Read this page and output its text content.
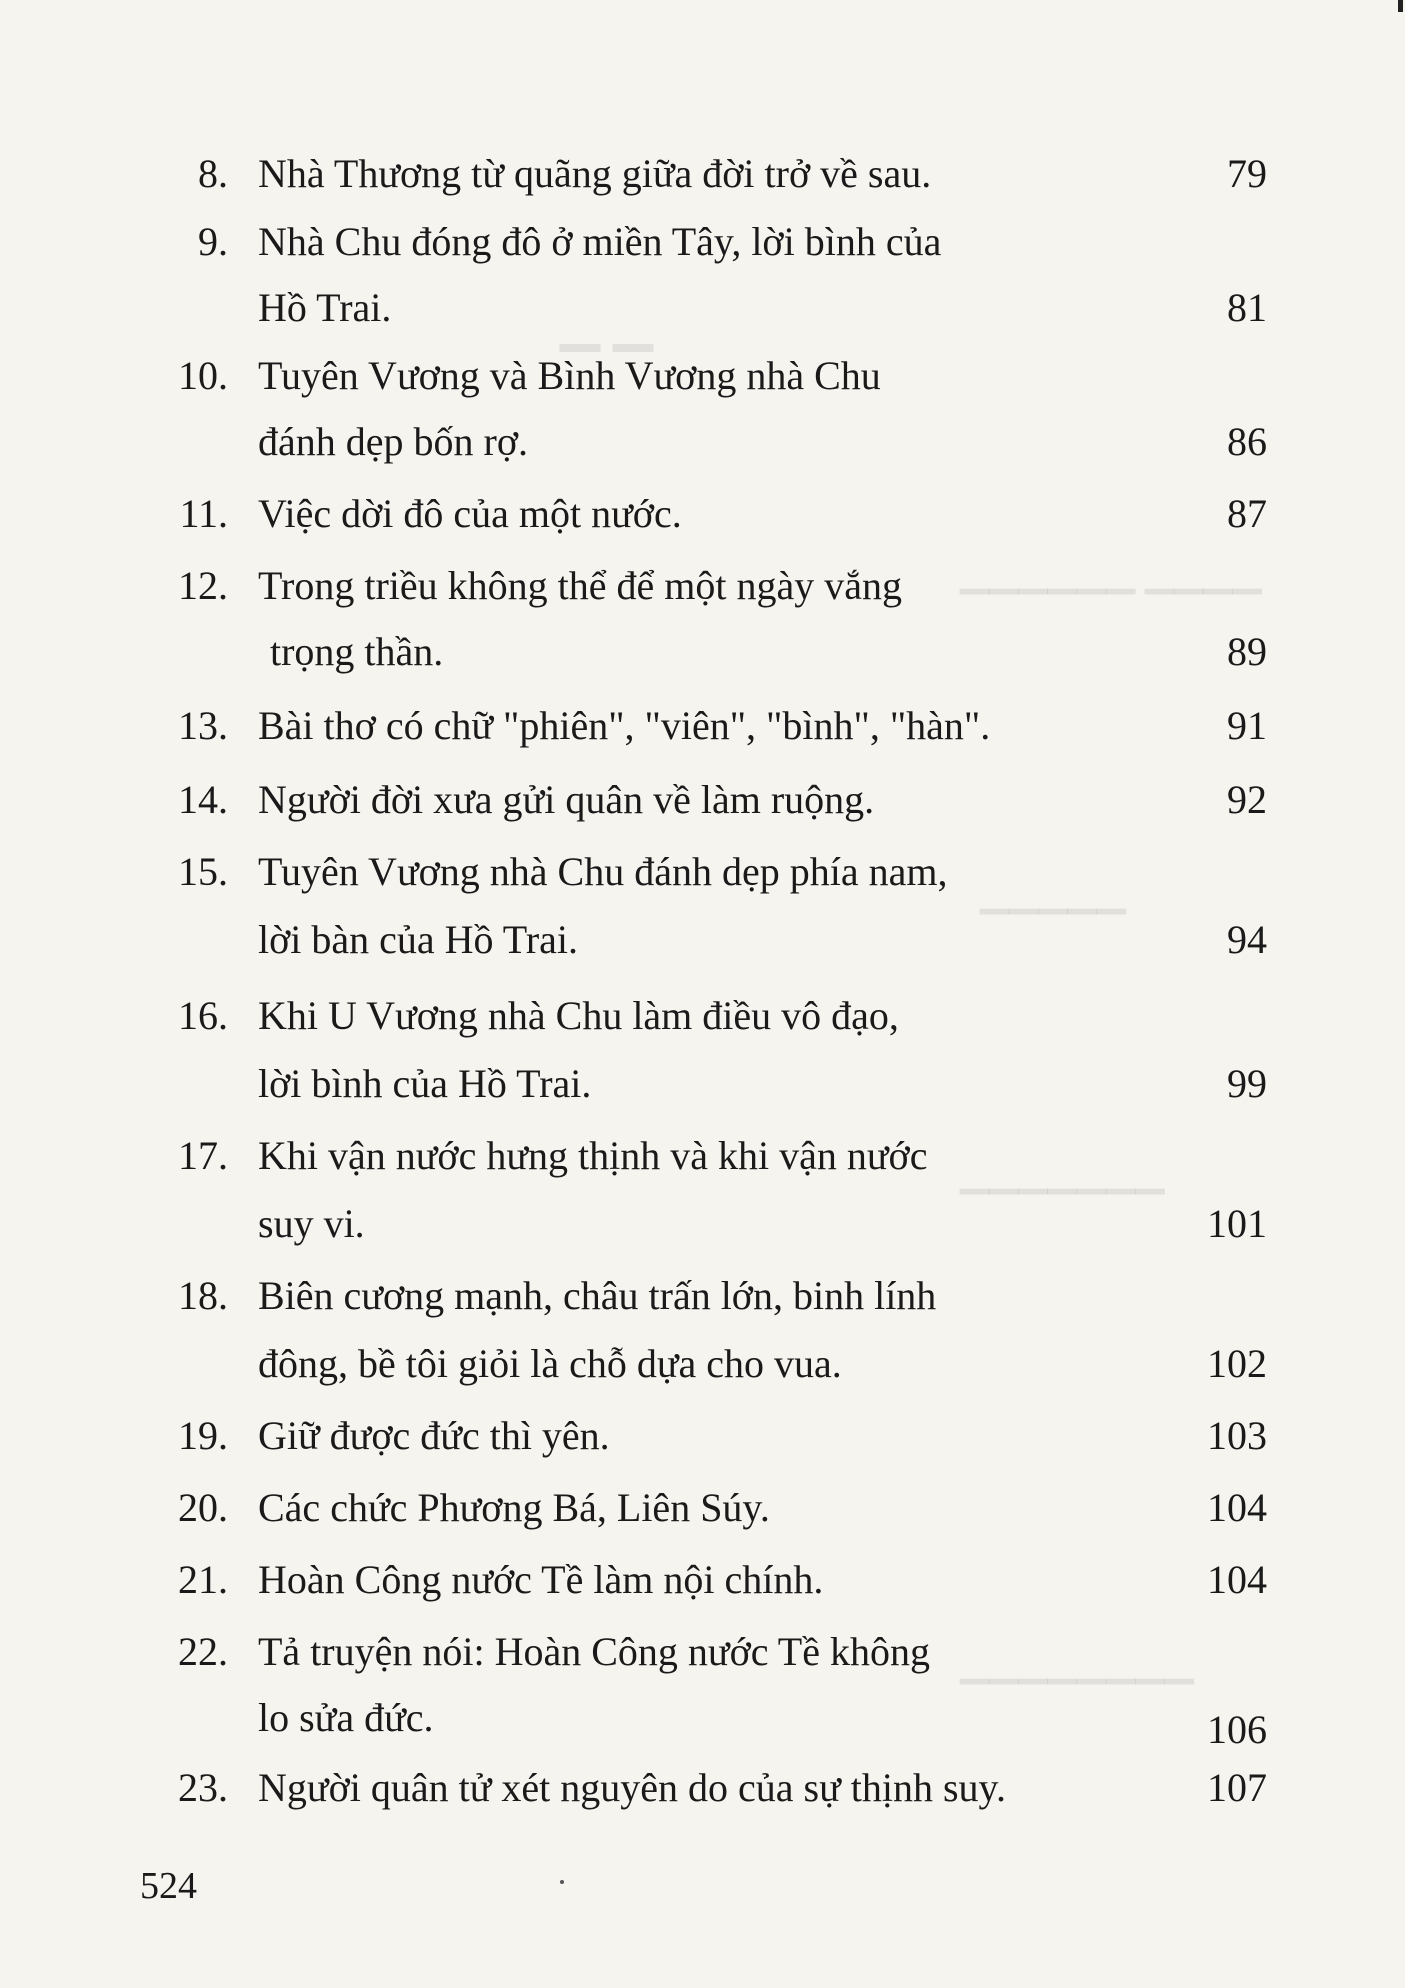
▁ ▁
▁▁▁▁▁▁ ▁▁▁▁
▁▁▁▁▁
▁▁▁▁▁▁▁
▁▁▁▁▁▁▁▁
8. Nhà Thương từ quãng giữa đời trở về sau.	79
9. Nhà Chu đóng đô ở miền Tây, lời bình của
Hồ Trai.	81
10. Tuyên Vương và Bình Vương nhà Chu
đánh dẹp bốn rợ.	86
11. Việc dời đô của một nước.	87
12. Trong triều không thể để một ngày vắng
trọng thần.	89
13. Bài thơ có chữ "phiên", "viên", "bình", "hàn".	91
14. Người đời xưa gửi quân về làm ruộng.	92
15. Tuyên Vương nhà Chu đánh dẹp phía nam,
lời bàn của Hồ Trai.	94
16. Khi U Vương nhà Chu làm điều vô đạo,
lời bình của Hồ Trai.	99
17. Khi vận nước hưng thịnh và khi vận nước
suy vi.	101
18. Biên cương mạnh, châu trấn lớn, binh lính
đông, bề tôi giỏi là chỗ dựa cho vua.	102
19. Giữ được đức thì yên.	103
20. Các chức Phương Bá, Liên Súy.	104
21. Hoàn Công nước Tề làm nội chính.	104
22. Tả truyện nói: Hoàn Công nước Tề không
lo sửa đức.	106
23. Người quân tử xét nguyên do của sự thịnh suy.	107
524
